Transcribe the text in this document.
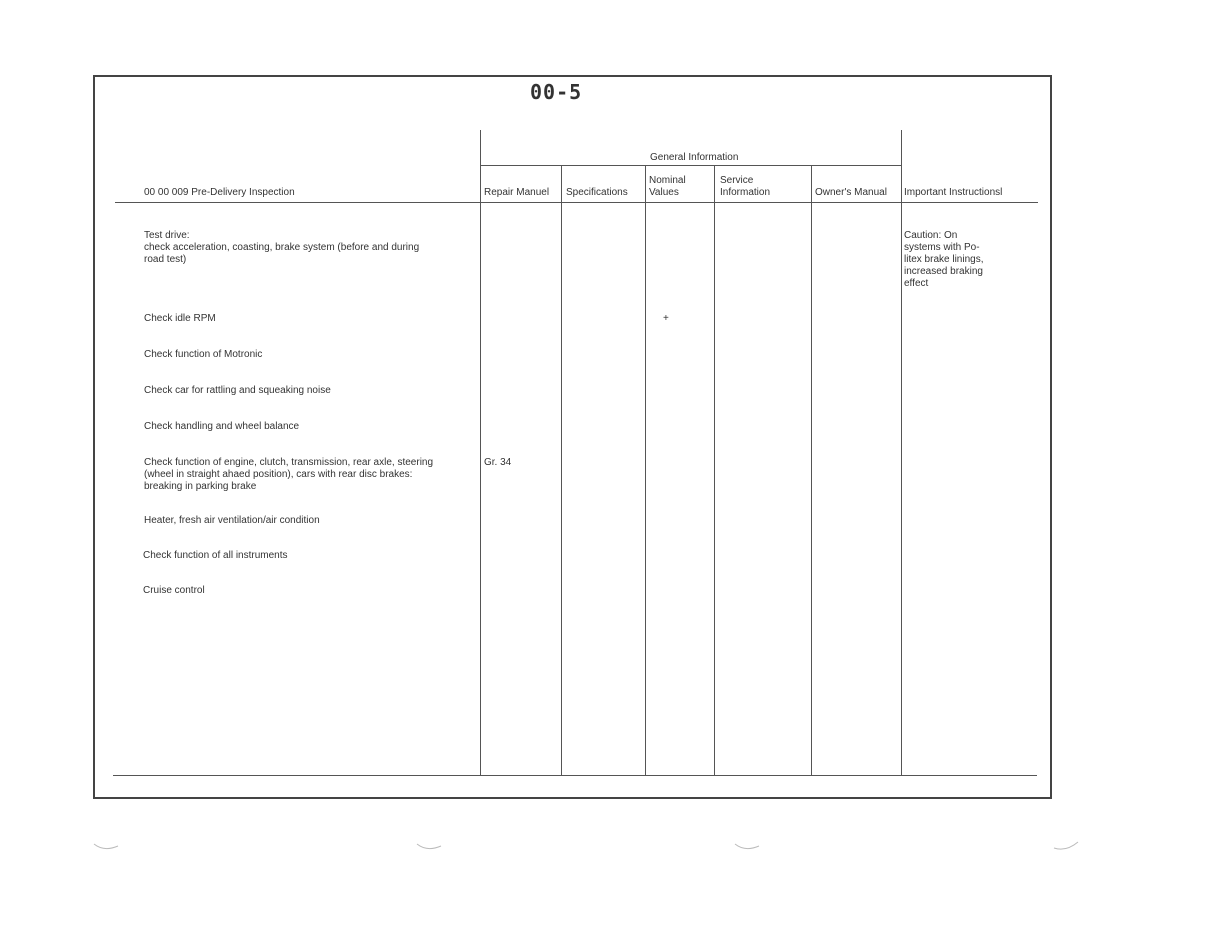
00-5
00 00 009 Pre-Delivery Inspection
General Information
Repair Manuel Specifications
Nominal
Values
Service
Information	Owner's Manual Important Instructionsl
Test drive:
check acceleration, coasting, brake system (before and during
road test)
Caution: On
systems with Po-
litex brake linings,
increased braking
effect
Check idle RPM	+
Check function of Motronic
Check car for rattling and squeaking noise
Check handling and wheel balance
Check function of engine, clutch, transmission, rear axle, steering
(wheel in straight ahaed position), cars with rear disc brakes:
breaking in parking brake
Gr. 34
Heater, fresh air ventilation/air condition
Check function of all instruments
Cruise control
